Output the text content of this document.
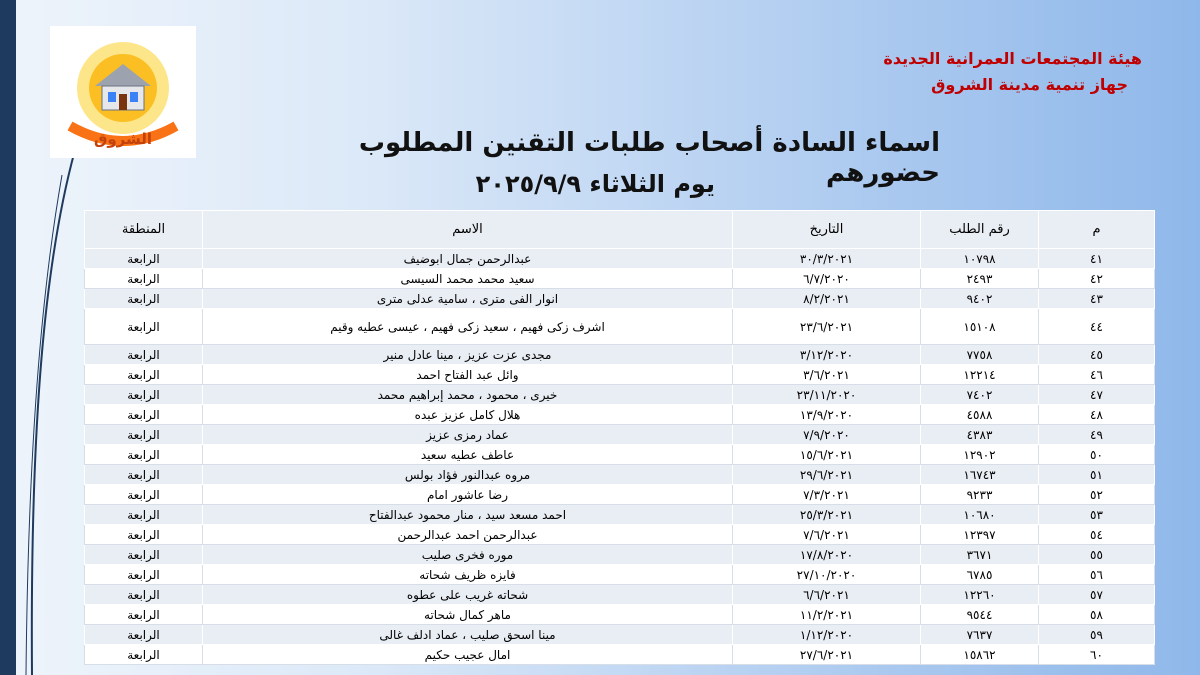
الشروق
هيئة المجتمعات العمرانية الجديدة
جهاز تنمية مدينة الشروق
اسماء السادة أصحاب طلبات التقنين المطلوب حضورهم
يوم الثلاثاء ٢٠٢٥/٩/٩
م	رقم الطلب	التاريخ	الاسم	المنطقة
٤١	١٠٧٩٨	٣٠/٣/٢٠٢١	عبدالرحمن جمال ابوضيف	الرابعة
٤٢	٢٤٩٣	٦/٧/٢٠٢٠	سعيد محمد محمد السيسى	الرابعة
٤٣	٩٤٠٢	٨/٢/٢٠٢١	انوار الفى مترى ، سامية عدلى مترى	الرابعة
٤٤	١٥١٠٨	٢٣/٦/٢٠٢١	اشرف زكى فهيم ، سعيد زكى فهيم ، عيسى عطيه وقيم	الرابعة
٤٥	٧٧٥٨	٣/١٢/٢٠٢٠	مجدى عزت عزيز ، مينا عادل منير	الرابعة
٤٦	١٢٢١٤	٣/٦/٢٠٢١	وائل عبد الفتاح احمد	الرابعة
٤٧	٧٤٠٢	٢٣/١١/٢٠٢٠	خيرى ، محمود ، محمد إبراهيم محمد	الرابعة
٤٨	٤٥٨٨	١٣/٩/٢٠٢٠	هلال كامل عزيز عبده	الرابعة
٤٩	٤٣٨٣	٧/٩/٢٠٢٠	عماد رمزى عزيز	الرابعة
٥٠	١٢٩٠٢	١٥/٦/٢٠٢١	عاطف عطيه سعيد	الرابعة
٥١	١٦٧٤٣	٢٩/٦/٢٠٢١	مروه عبدالنور فؤاد بولس	الرابعة
٥٢	٩٢٣٣	٧/٣/٢٠٢١	رضا عاشور امام	الرابعة
٥٣	١٠٦٨٠	٢٥/٣/٢٠٢١	احمد مسعد سيد ، منار محمود عبدالفتاح	الرابعة
٥٤	١٢٣٩٧	٧/٦/٢٠٢١	عبدالرحمن احمد عبدالرحمن	الرابعة
٥٥	٣٦٧١	١٧/٨/٢٠٢٠	موره فخرى صليب	الرابعة
٥٦	٦٧٨٥	٢٧/١٠/٢٠٢٠	فايزه ظريف شحاته	الرابعة
٥٧	١٢٢٦٠	٦/٦/٢٠٢١	شحاته غريب على عطوه	الرابعة
٥٨	٩٥٤٤	١١/٢/٢٠٢١	ماهر كمال شحاته	الرابعة
٥٩	٧٦٣٧	١/١٢/٢٠٢٠	مينا اسحق صليب ، عماد ادلف غالى	الرابعة
٦٠	١٥٨٦٢	٢٧/٦/٢٠٢١	امال عجيب حكيم	الرابعة
